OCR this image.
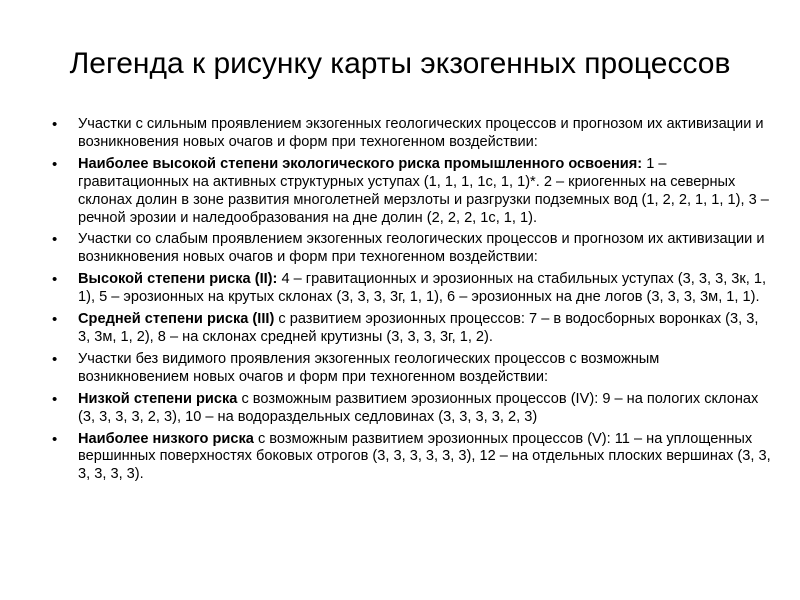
Легенда к рисунку карты экзогенных процессов
• Участки с сильным проявлением экзогенных геологических процессов и прогнозом их активизации и возникновения новых очагов и форм при техногенном воздействии:
• Наиболее высокой степени экологического риска промышленного освоения: 1 – гравитационных на активных структурных уступах (1, 1, 1, 1с, 1, 1)*. 2 – криогенных на северных склонах долин в зоне развития многолетней мерзлоты и разгрузки подземных вод (1, 2, 2, 1, 1, 1), 3 – речной эрозии и наледообразования на дне долин (2, 2, 2, 1с, 1, 1).
• Участки со слабым проявлением экзогенных геологических процессов и прогнозом их активизации и возникновения новых очагов и форм при техногенном воздействии:
• Высокой степени риска (II): 4 – гравитационных и эрозионных на стабильных уступах (3, 3, 3, 3к, 1, 1), 5 – эрозионных на крутых склонах (3, 3, 3, 3г, 1, 1), 6 – эрозионных на дне логов (3, 3, 3, 3м, 1, 1).
• Средней степени риска (III) с развитием эрозионных процессов: 7 – в водосборных воронках (3, 3, 3, 3м, 1, 2), 8 – на склонах средней крутизны (3, 3, 3, 3г, 1, 2).
• Участки без видимого проявления экзогенных геологических процессов с возможным возникновением новых очагов и форм при техногенном воздействии:
• Низкой степени риска с возможным развитием эрозионных процессов (IV): 9 – на пологих склонах (3, 3, 3, 3, 2, 3), 10 – на водораздельных седловинах (3, 3, 3, 3, 2, 3)
• Наиболее низкого риска с возможным развитием эрозионных процессов (V): 11 – на уплощенных вершинных поверхностях боковых отрогов (3, 3, 3, 3, 3, 3), 12 – на отдельных плоских вершинах (3, 3, 3, 3, 3, 3).
